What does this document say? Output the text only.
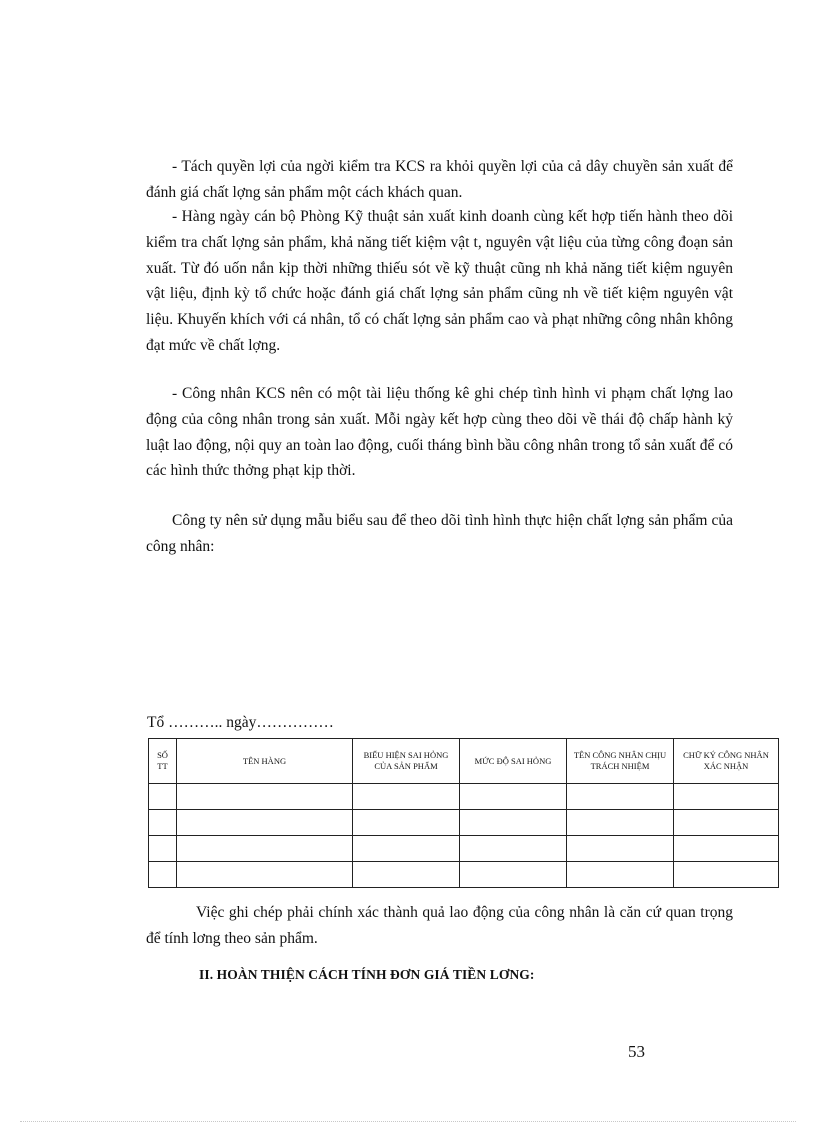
- Tách quyền lợi của ngời kiểm tra KCS ra khỏi quyền lợi của cả dây chuyền sản xuất để đánh giá chất lợng sản phẩm một cách khách quan.

- Hàng ngày cán bộ Phòng Kỹ thuật sản xuất kinh doanh cùng kết hợp tiến hành theo dõi kiểm tra chất lợng sản phẩm, khả năng tiết kiệm vật t, nguyên vật liệu của từng công đoạn sản xuất. Từ đó uốn nắn kịp thời những thiếu sót về kỹ thuật cũng nh khả năng tiết kiệm nguyên vật liệu, định kỳ tổ chức hoặc đánh giá chất lợng sản phẩm cũng nh về tiết kiệm nguyên vật liệu. Khuyến khích với cá nhân, tổ có chất lợng sản phẩm cao và phạt những công nhân không đạt mức về chất lợng.

- Công nhân KCS nên có một tài liệu thống kê ghi chép tình hình vi phạm chất lợng lao động của công nhân trong sản xuất. Mỗi ngày kết hợp cùng theo dõi về thái độ chấp hành kỷ luật lao động, nội quy an toàn lao động, cuối tháng bình bầu công nhân trong tổ sản xuất để có các hình thức thởng phạt kịp thời.

Công ty nên sử dụng mẫu biểu sau để theo dõi tình hình thực hiện chất lợng sản phẩm của công nhân:

Tổ ……….. ngày……………
SỐ TT	TÊN HÀNG	BIỂU HIỆN SAI HỎNG CỦA SẢN PHẨM	MỨC ĐỘ SAI HỎNG	TÊN CÔNG NHÂN CHỊU TRÁCH NHIỆM	CHỮ KÝ CÔNG NHÂN XÁC NHẬN

Việc ghi chép phải chính xác thành quả lao động của công nhân là căn cứ quan trọng để tính lơng theo sản phẩm.

II. HOÀN THIỆN CÁCH TÍNH ĐƠN GIÁ TIỀN LƠNG:
53
